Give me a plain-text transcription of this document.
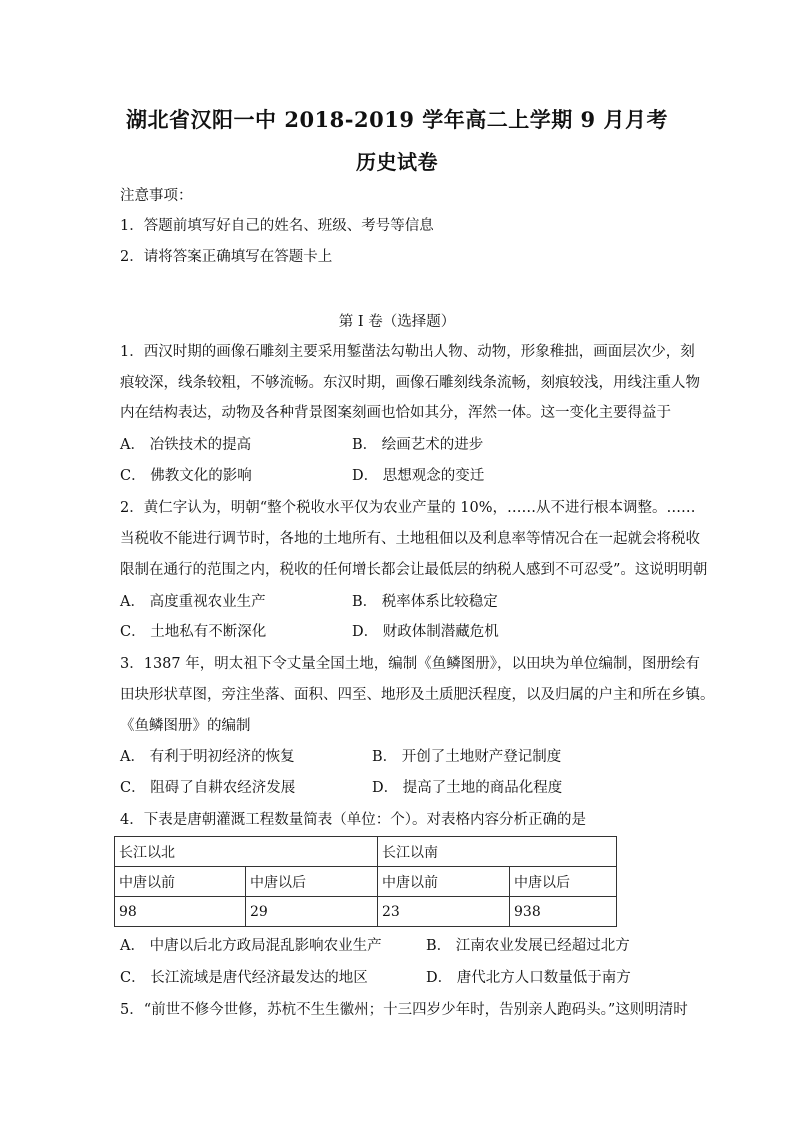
湖北省汉阳一中 2018-2019 学年高二上学期 9 月月考
历史试卷
注意事项：
1．答题前填写好自己的姓名、班级、考号等信息
2．请将答案正确填写在答题卡上
第 I 卷（选择题）
1．西汉时期的画像石雕刻主要采用錾凿法勾勒出人物、动物，形象稚拙，画面层次少，刻
痕较深，线条较粗，不够流畅。东汉时期，画像石雕刻线条流畅，刻痕较浅，用线注重人物
内在结构表达，动物及各种背景图案刻画也恰如其分，浑然一体。这一变化主要得益于
A． 冶铁技术的提高	B． 绘画艺术的进步
C． 佛教文化的影响	D． 思想观念的变迁
2．黄仁字认为，明朝“整个税收水平仅为农业产量的 10%，……从不进行根本调整。……
当税收不能进行调节时，各地的土地所有、土地租佃以及利息率等情况合在一起就会将税收
限制在通行的范围之内，税收的任何增长都会让最低层的纳税人感到不可忍受”。这说明明朝
A． 高度重视农业生产	B． 税率体系比较稳定
C． 土地私有不断深化	D． 财政体制潜藏危机
3．1387 年，明太祖下令丈量全国土地，编制《鱼鳞图册》，以田块为单位编制，图册绘有
田块形状草图，旁注坐落、面积、四至、地形及土质肥沃程度，以及归属的户主和所在乡镇。
《鱼鳞图册》的编制
A． 有利于明初经济的恢复	B． 开创了土地财产登记制度
C． 阻碍了自耕农经济发展	D． 提高了土地的商品化程度
4．下表是唐朝灌溉工程数量简表（单位：个）。对表格内容分析正确的是
长江以北		长江以南	
中唐以前	中唐以后	中唐以前	中唐以后
98	29	23	938
A． 中唐以后北方政局混乱影响农业生产	B． 江南农业发展已经超过北方
C． 长江流域是唐代经济最发达的地区	D． 唐代北方人口数量低于南方
5．“前世不修今世修，苏杭不生生徽州；十三四岁少年时，告别亲人跑码头。”这则明清时
